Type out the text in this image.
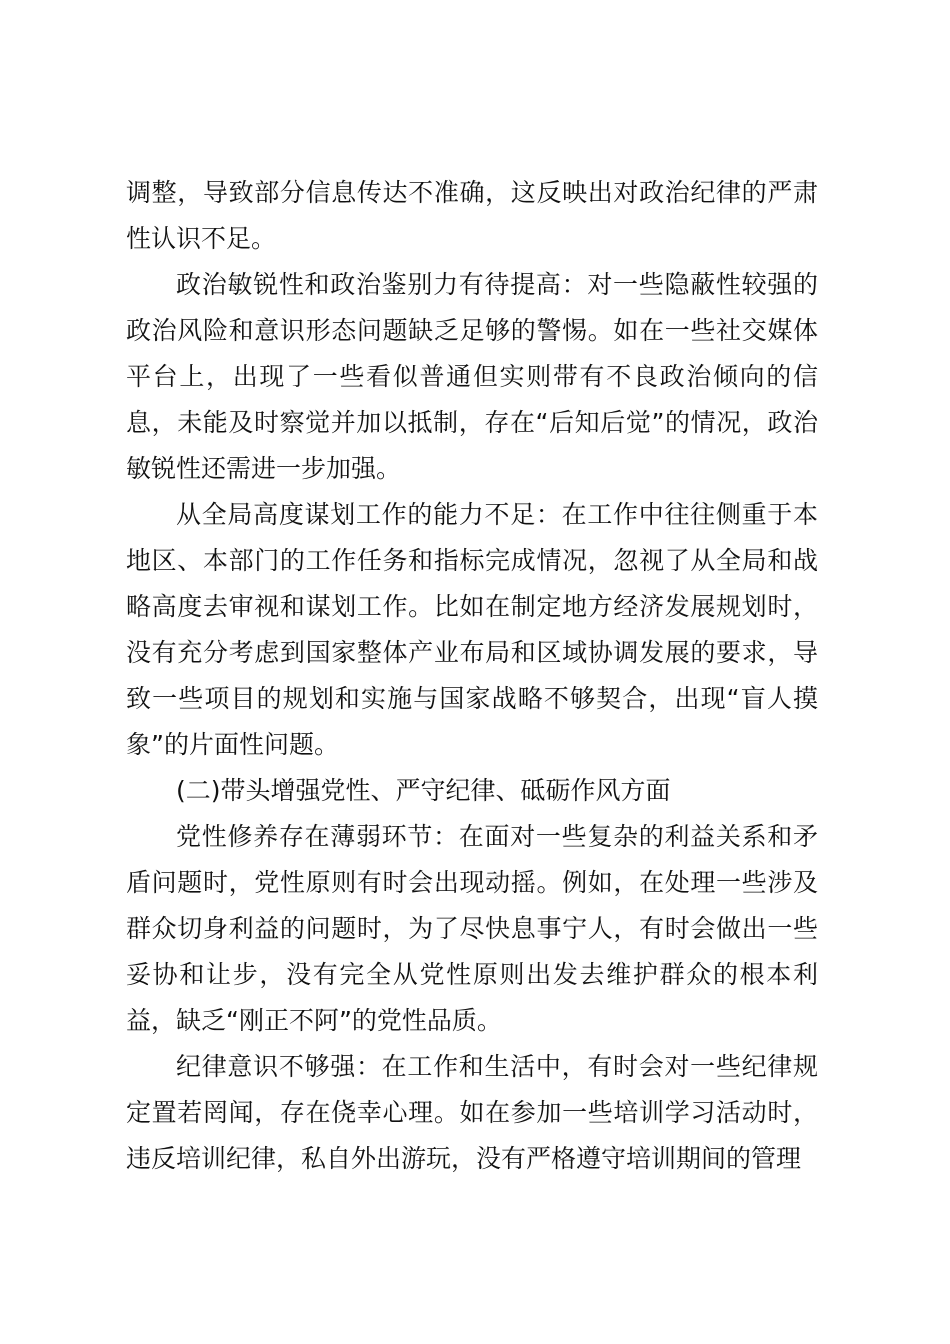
调整，导致部分信息传达不准确，这反映出对政治纪律的严肃性认识不足。

政治敏锐性和政治鉴别力有待提高：对一些隐蔽性较强的政治风险和意识形态问题缺乏足够的警惕。如在一些社交媒体平台上，出现了一些看似普通但实则带有不良政治倾向的信息，未能及时察觉并加以抵制，存在“后知后觉”的情况，政治敏锐性还需进一步加强。

从全局高度谋划工作的能力不足：在工作中往往侧重于本地区、本部门的工作任务和指标完成情况，忽视了从全局和战略高度去审视和谋划工作。比如在制定地方经济发展规划时，没有充分考虑到国家整体产业布局和区域协调发展的要求，导致一些项目的规划和实施与国家战略不够契合，出现“盲人摸象”的片面性问题。

(二)带头增强党性、严守纪律、砥砺作风方面

党性修养存在薄弱环节：在面对一些复杂的利益关系和矛盾问题时，党性原则有时会出现动摇。例如，在处理一些涉及群众切身利益的问题时，为了尽快息事宁人，有时会做出一些妥协和让步，没有完全从党性原则出发去维护群众的根本利益，缺乏“刚正不阿”的党性品质。

纪律意识不够强：在工作和生活中，有时会对一些纪律规定置若罔闻，存在侥幸心理。如在参加一些培训学习活动时，违反培训纪律，私自外出游玩，没有严格遵守培训期间的管理
